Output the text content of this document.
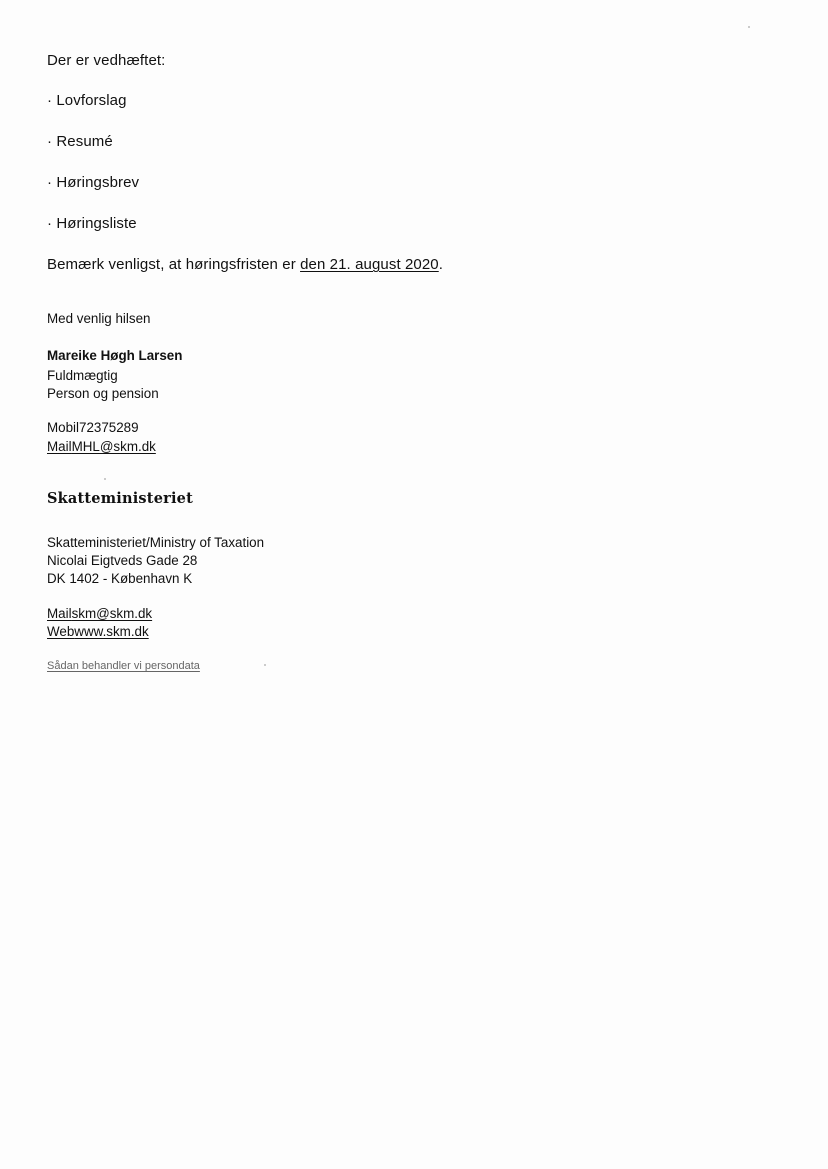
Der er vedhæftet:
· Lovforslag
· Resumé
· Høringsbrev
· Høringsliste
Bemærk venligst, at høringsfristen er den 21. august 2020.
Med venlig hilsen
Mareike Høgh Larsen
Fuldmægtig
Person og pension
Mobil72375289
MailMHL@skm.dk
Skatteministeriet
Skatteministeriet/Ministry of Taxation
Nicolai Eigtveds Gade 28
DK 1402 - København K
Mailskm@skm.dk
Webwww.skm.dk
Sådan behandler vi persondata
